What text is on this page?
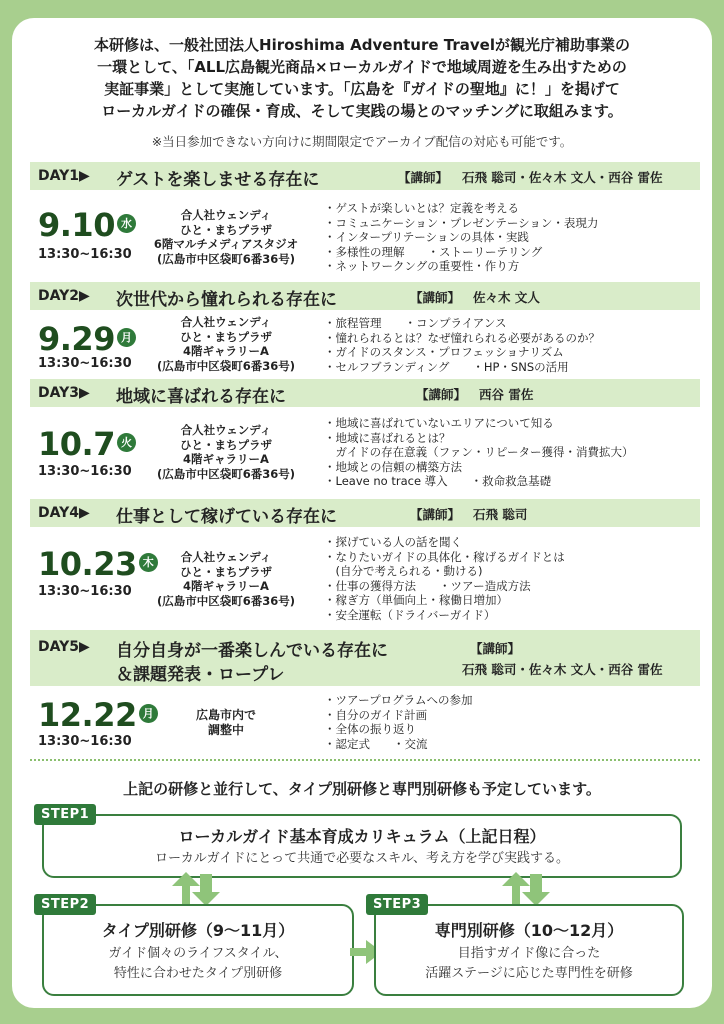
本研修は、一般社団法人Hiroshima Adventure Travelが観光庁補助事業の
一環として、「ALL広島観光商品×ローカルガイドで地域周遊を生み出すための
実証事業」として実施しています。「広島を『ガイドの聖地』に！」を掲げて
ローカルガイドの確保・育成、そして実践の場とのマッチングに取組みます。
※当日参加できない方向けに期間限定でアーカイブ配信の対応も可能です。
DAY1▶ ゲストを楽しませる存在に	【講師】 石飛 聡司・佐々木 文人・西谷 雷佐
9.10 水
13:30~16:30
合人社ウェンディ
ひと・まちプラザ
6階マルチメディアスタジオ
(広島市中区袋町6番36号)
・ゲストが楽しいとは？定義を考える
・コミュニケーション・プレゼンテーション・表現力
・インタープリテーションの具体・実践
・多様性の理解　　・ストーリーテリング
・ネットワークングの重要性・作り方
DAY2▶ 次世代から憧れられる存在に	【講師】 佐々木 文人
9.29 月
13:30~16:30
合人社ウェンディ
ひと・まちプラザ
4階ギャラリーA
(広島市中区袋町6番36号)
・旅程管理　　・コンプライアンス
・憧れられるとは？なぜ憧れられる必要があるのか？
・ガイドのスタンス・プロフェッショナリズム
・セルフブランディング　　・HP・SNSの活用
DAY3▶ 地域に喜ばれる存在に	【講師】 西谷 雷佐
10.7 火
13:30~16:30
合人社ウェンディ
ひと・まちプラザ
4階ギャラリーA
(広島市中区袋町6番36号)
・地域に喜ばれていないエリアについて知る
・地域に喜ばれるとは？
　ガイドの存在意義（ファン・リピーター獲得・消費拡大）
・地域との信頼の構築方法
・Leave no trace 導入　　・救命救急基礎
DAY4▶ 仕事として稼げている存在に	【講師】 石飛 聡司
10.23 木
13:30~16:30
合人社ウェンディ
ひと・まちプラザ
4階ギャラリーA
(広島市中区袋町6番36号)
・探げている人の話を聞く
・なりたいガイドの具体化・稼げるガイドとは
　(自分で考えられる・動ける)
・仕事の獲得方法　　・ツアー造成方法
・稼ぎ方（単価向上・稼働日増加）
・安全運転（ドライバーガイド）
DAY5▶ 自分自身が一番楽しんでいる存在に
＆課題発表・ロープレ
【講師】
石飛 聡司・佐々木 文人・西谷 雷佐
12.22 月
13:30~16:30
広島市内で
調整中
・ツアープログラムへの参加
・自分のガイド計画
・全体の振り返り
・認定式　　・交流
上記の研修と並行して、タイプ別研修と専門別研修も予定しています。
ローカルガイド基本育成カリキュラム（上記日程）
ローカルガイドにとって共通で必要なスキル、考え方を学び実践する。
STEP1
タイプ別研修（9～11月）
ガイド個々のライフスタイル、
特性に合わせたタイプ別研修
STEP2
専門別研修（10～12月）
目指すガイド像に合った
活躍ステージに応じた専門性を研修
STEP3
